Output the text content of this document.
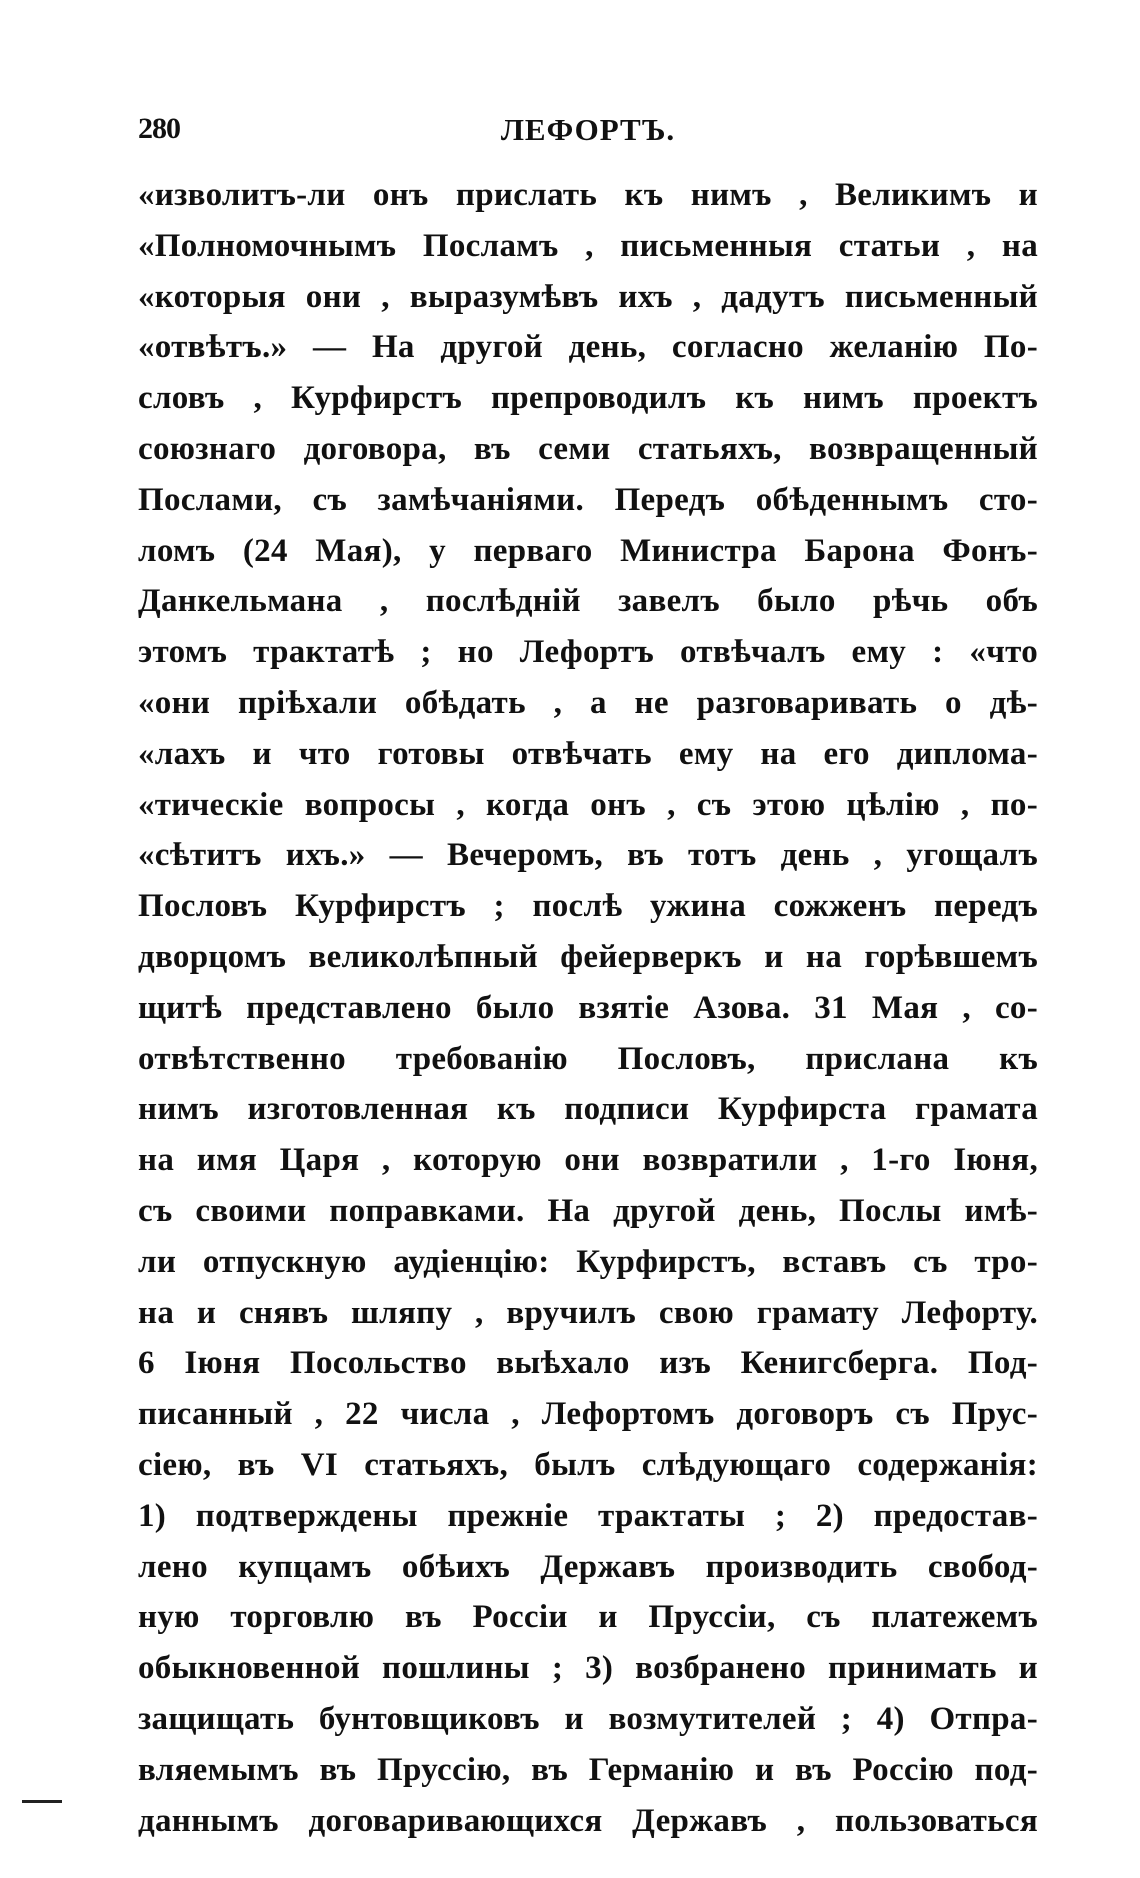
280	ЛЕФОРТЪ.
«изволитъ-ли онъ прислать къ нимъ , Великимъ и
«Полномочнымъ Посламъ , письменныя статьи , на
«которыя они , выразумѣвъ ихъ , дадутъ письменный
«отвѣтъ.» — На другой день, согласно желанію По-
словъ , Курфирстъ препроводилъ къ нимъ проектъ
союзнаго договора, въ семи статьяхъ, возвращенный
Послами, съ замѣчаніями. Передъ обѣденнымъ сто-
ломъ (24 Мая), у перваго Министра Барона Фонъ-
Данкельмана , послѣдній завелъ было рѣчь объ
этомъ трактатѣ ; но Лефортъ отвѣчалъ ему : «что
«они пріѣхали обѣдать , а не разговаривать о дѣ-
«лахъ и что готовы отвѣчать ему на его диплома-
«тическіе вопросы , когда онъ , съ этою цѣлію , по-
«сѣтитъ ихъ.» — Вечеромъ, въ тотъ день , угощалъ
Пословъ Курфирстъ ; послѣ ужина сожженъ передъ
дворцомъ великолѣпный фейерверкъ и на горѣвшемъ
щитѣ представлено было взятіе Азова. 31 Мая , со-
отвѣтственно требованію Пословъ, прислана къ
нимъ изготовленная къ подписи Курфирста грамата
на имя Царя , которую они возвратили , 1-го Іюня,
съ своими поправками. На другой день, Послы имѣ-
ли отпускную аудіенцію: Курфирстъ, вставъ съ тро-
на и снявъ шляпу , вручилъ свою грамату Лефорту.
6 Іюня Посольство выѣхало изъ Кенигсберга. Под-
писанный , 22 числа , Лефортомъ договоръ съ Прус-
сіею, въ VI статьяхъ, былъ слѣдующаго содержанія:
1) подтверждены прежніе трактаты ; 2) предостав-
лено купцамъ обѣихъ Державъ производить свобод-
ную торговлю въ Россіи и Пруссіи, съ платежемъ
обыкновенной пошлины ; 3) возбранено принимать и
защищать бунтовщиковъ и возмутителей ; 4) Отпра-
вляемымъ въ Пруссію, въ Германію и въ Россію под-
даннымъ договаривающихся Державъ , пользоваться
